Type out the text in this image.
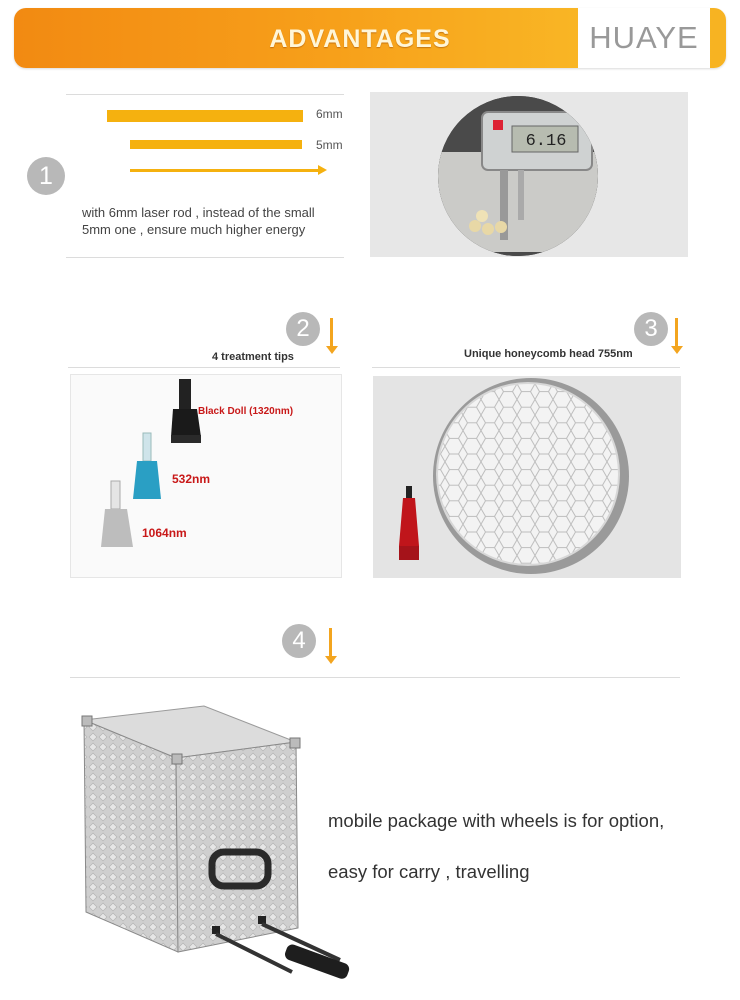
ADVANTAGES	HUAYE
6mm
5mm
1
with 6mm laser rod , instead of the small
5mm one , ensure much higher energy
6.16
2
4 treatment tips
Black Doll (1320nm)
532nm
1064nm
3
Unique honeycomb head 755nm
4
mobile package with wheels is for option,
easy for carry , travelling
